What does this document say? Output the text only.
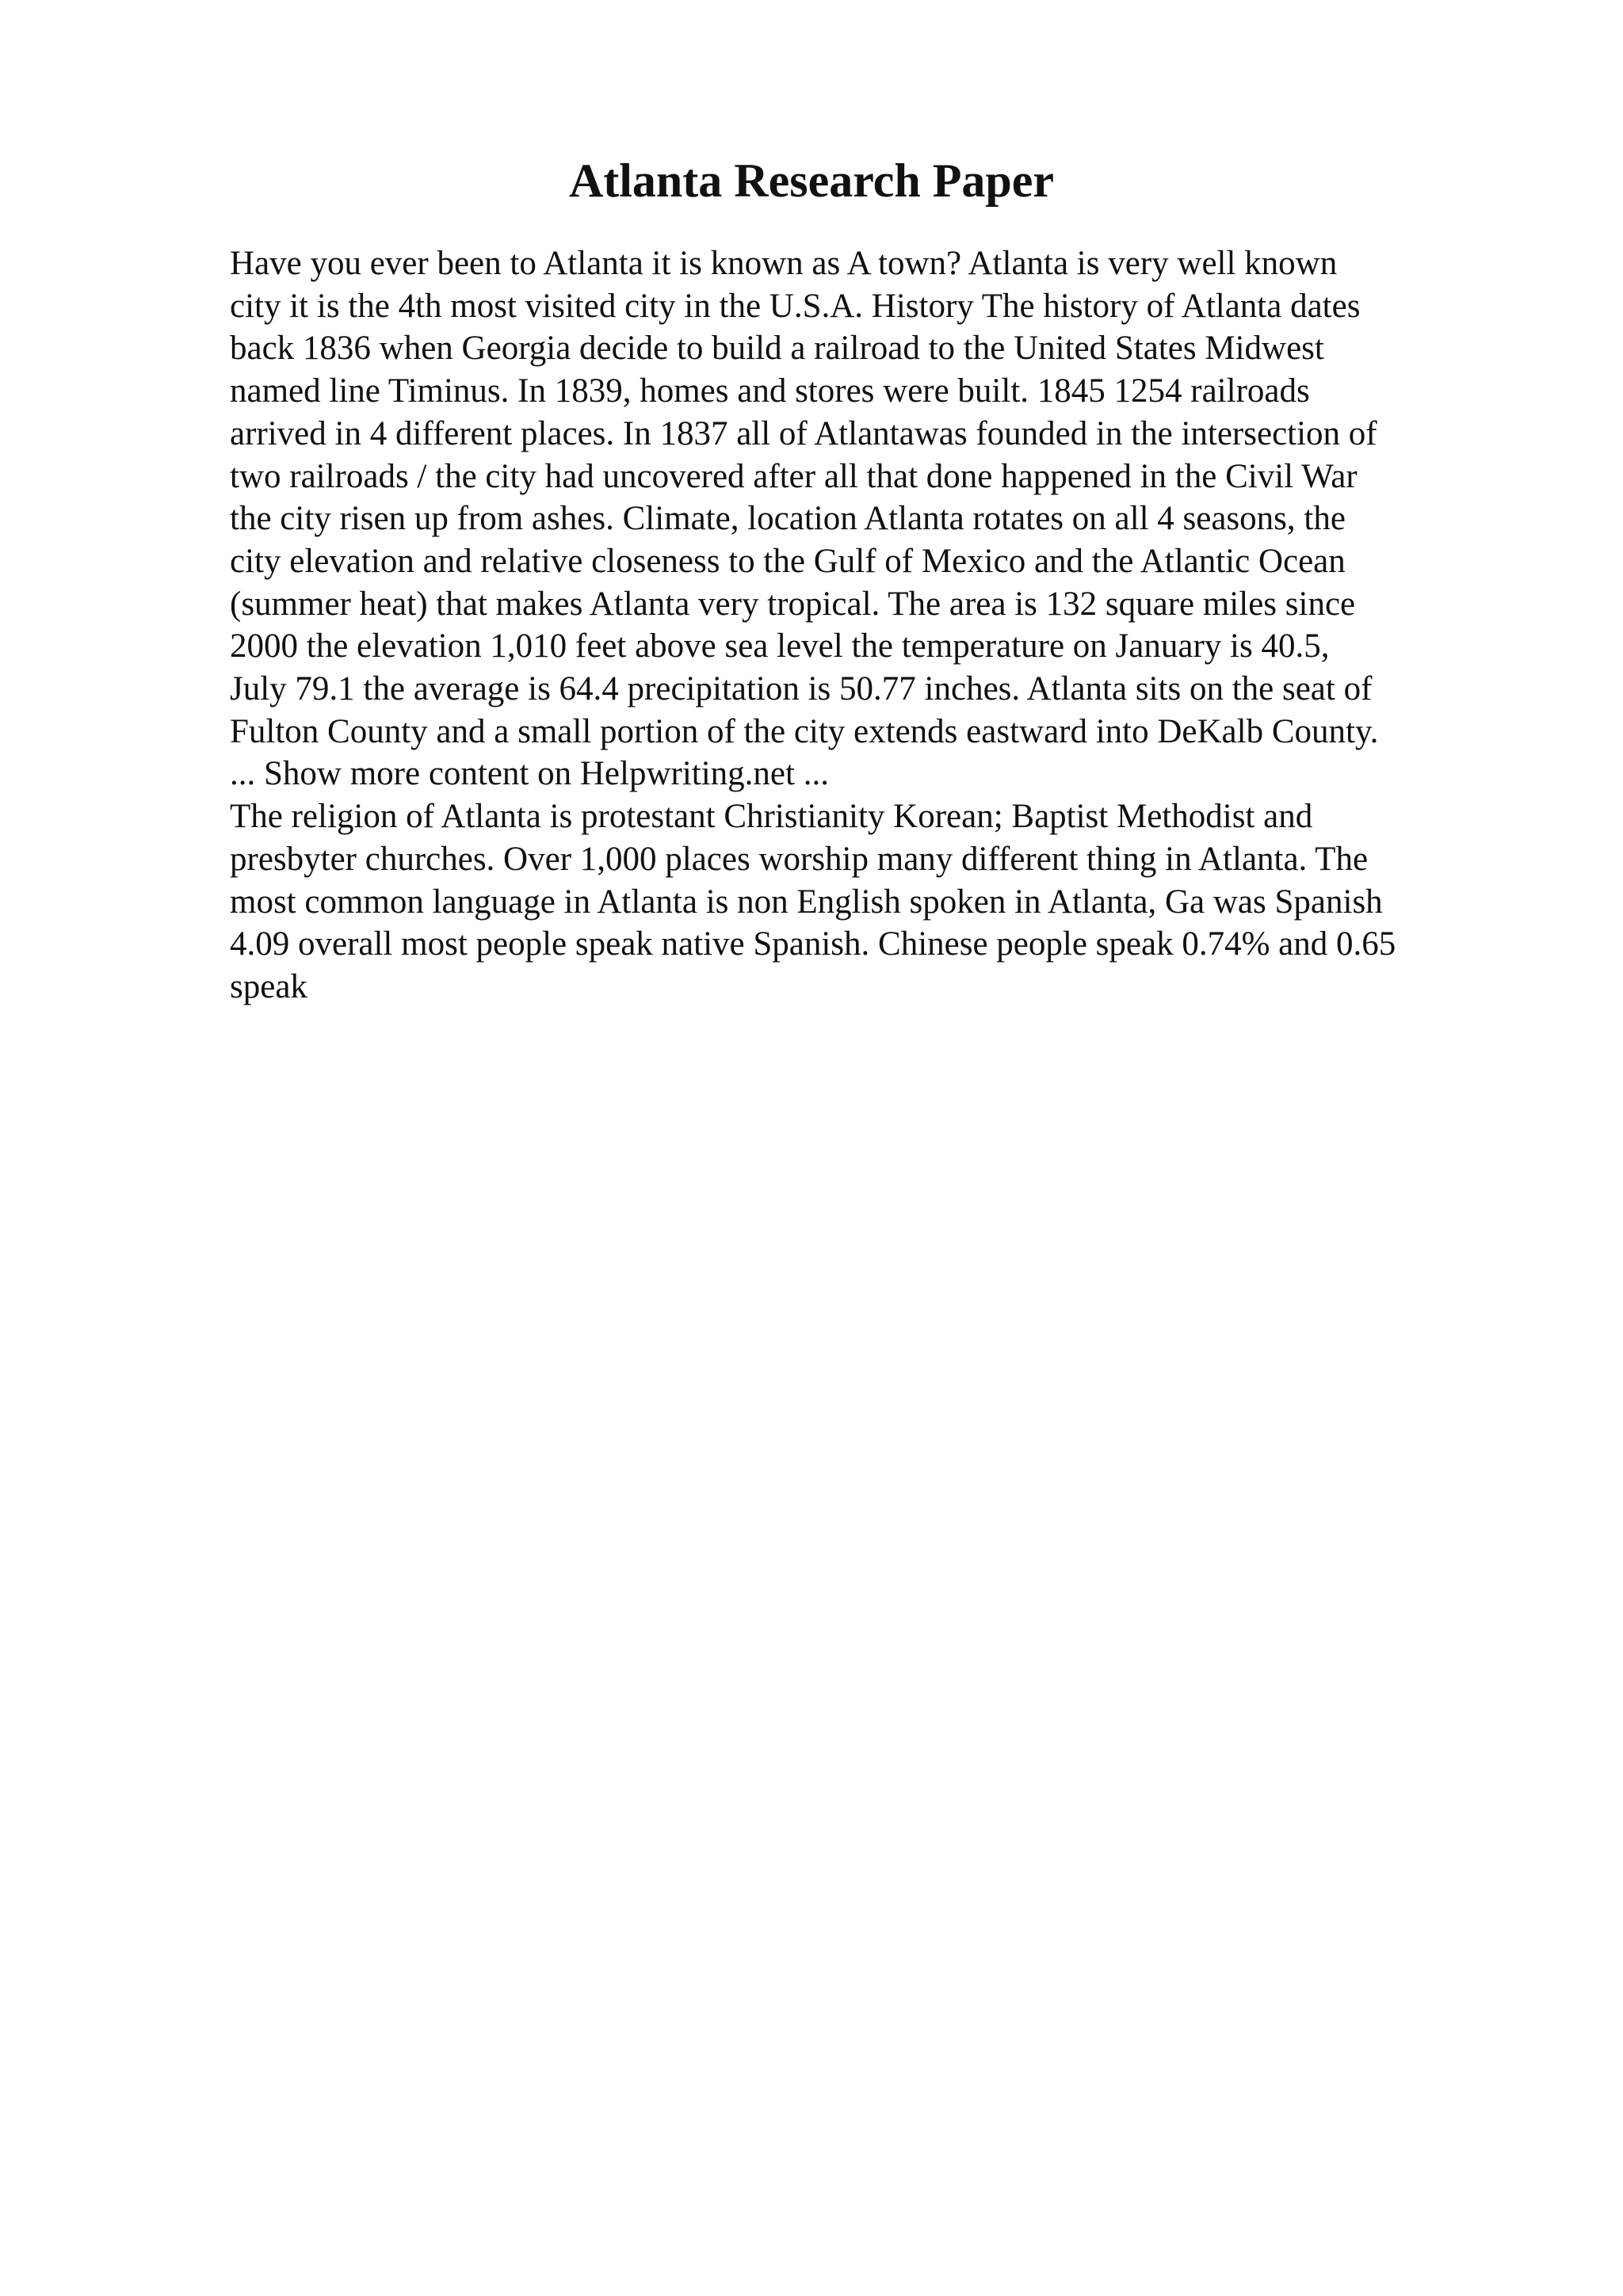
Atlanta Research Paper
Have you ever been to Atlanta it is known as A town? Atlanta is very well known
city it is the 4th most visited city in the U.S.A. History The history of Atlanta dates
back 1836 when Georgia decide to build a railroad to the United States Midwest
named line Timinus. In 1839, homes and stores were built. 1845 1254 railroads
arrived in 4 different places. In 1837 all of Atlantawas founded in the intersection of
two railroads / the city had uncovered after all that done happened in the Civil War
the city risen up from ashes. Climate, location Atlanta rotates on all 4 seasons, the
city elevation and relative closeness to the Gulf of Mexico and the Atlantic Ocean
(summer heat) that makes Atlanta very tropical. The area is 132 square miles since
2000 the elevation 1,010 feet above sea level the temperature on January is 40.5,
July 79.1 the average is 64.4 precipitation is 50.77 inches. Atlanta sits on the seat of
Fulton County and a small portion of the city extends eastward into DeKalb County.
... Show more content on Helpwriting.net ...
The religion of Atlanta is protestant Christianity Korean; Baptist Methodist and
presbyter churches. Over 1,000 places worship many different thing in Atlanta. The
most common language in Atlanta is non English spoken in Atlanta, Ga was Spanish
4.09 overall most people speak native Spanish. Chinese people speak 0.74% and 0.65
speak
